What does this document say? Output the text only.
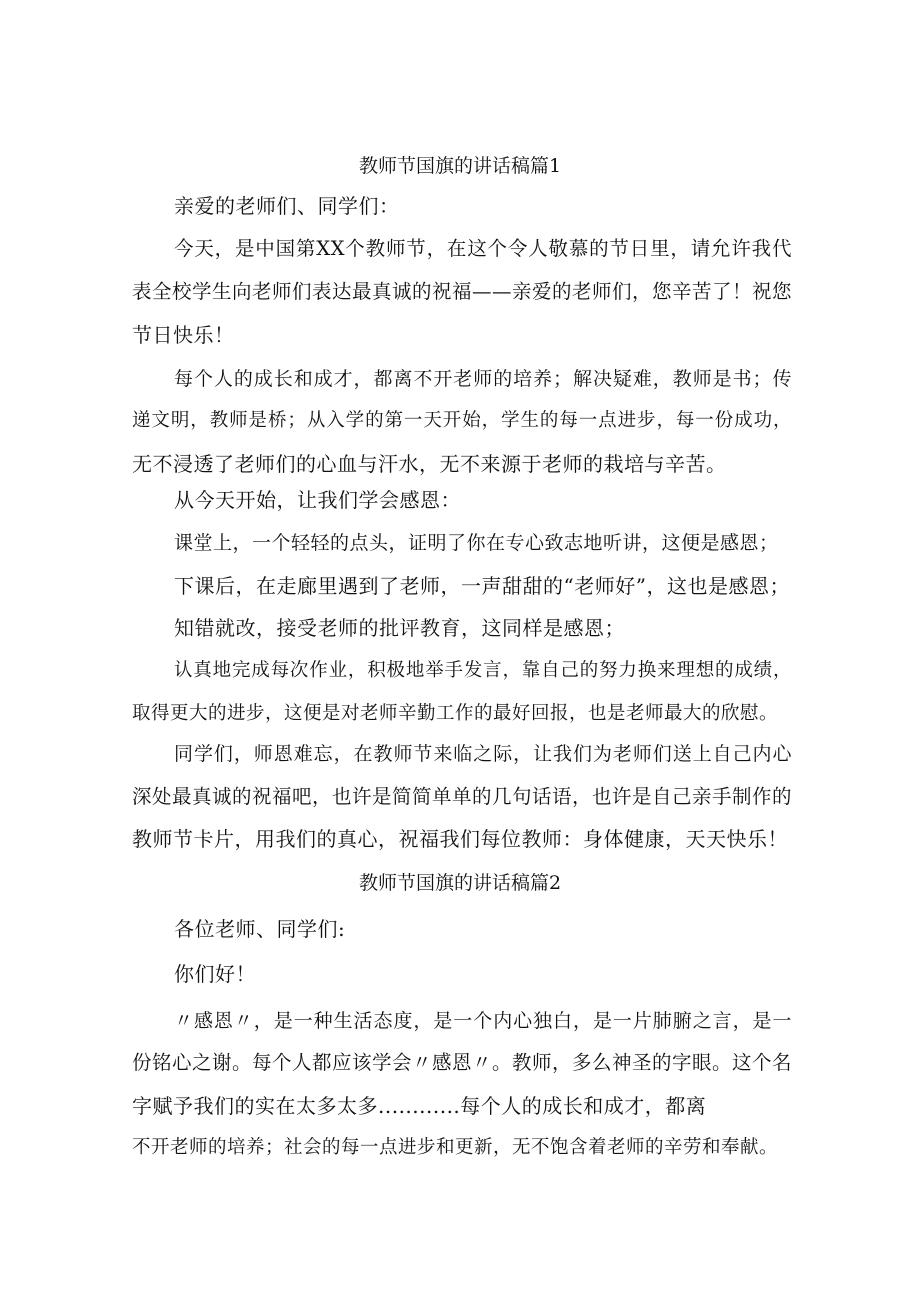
教师节国旗的讲话稿篇1
亲爱的老师们、同学们：
今天，是中国第XX个教师节，在这个令人敬慕的节日里，请允许我代
表全校学生向老师们表达最真诚的祝福——亲爱的老师们，您辛苦了！祝您
节日快乐！
每个人的成长和成才，都离不开老师的培养；解决疑难，教师是书；传
递文明，教师是桥；从入学的第一天开始，学生的每一点进步，每一份成功，
无不浸透了老师们的心血与汗水，无不来源于老师的栽培与辛苦。
从今天开始，让我们学会感恩：
课堂上，一个轻轻的点头，证明了你在专心致志地听讲，这便是感恩；
下课后，在走廊里遇到了老师，一声甜甜的“老师好”，这也是感恩；
知错就改，接受老师的批评教育，这同样是感恩；
认真地完成每次作业，积极地举手发言，靠自己的努力换来理想的成绩，
取得更大的进步，这便是对老师辛勤工作的最好回报，也是老师最大的欣慰。
同学们，师恩难忘，在教师节来临之际，让我们为老师们送上自己内心
深处最真诚的祝福吧，也许是简简单单的几句话语，也许是自己亲手制作的
教师节卡片，用我们的真心，祝福我们每位教师：身体健康，天天快乐！
教师节国旗的讲话稿篇2
各位老师、同学们:
你们好！
〃感恩〃，是一种生活态度，是一个内心独白，是一片肺腑之言，是一
份铭心之谢。每个人都应该学会〃感恩〃。教师，多么神圣的字眼。这个名
字赋予我们的实在太多太多............每个人的成长和成才，都离
不开老师的培养；社会的每一点进步和更新，无不饱含着老师的辛劳和奉献。
